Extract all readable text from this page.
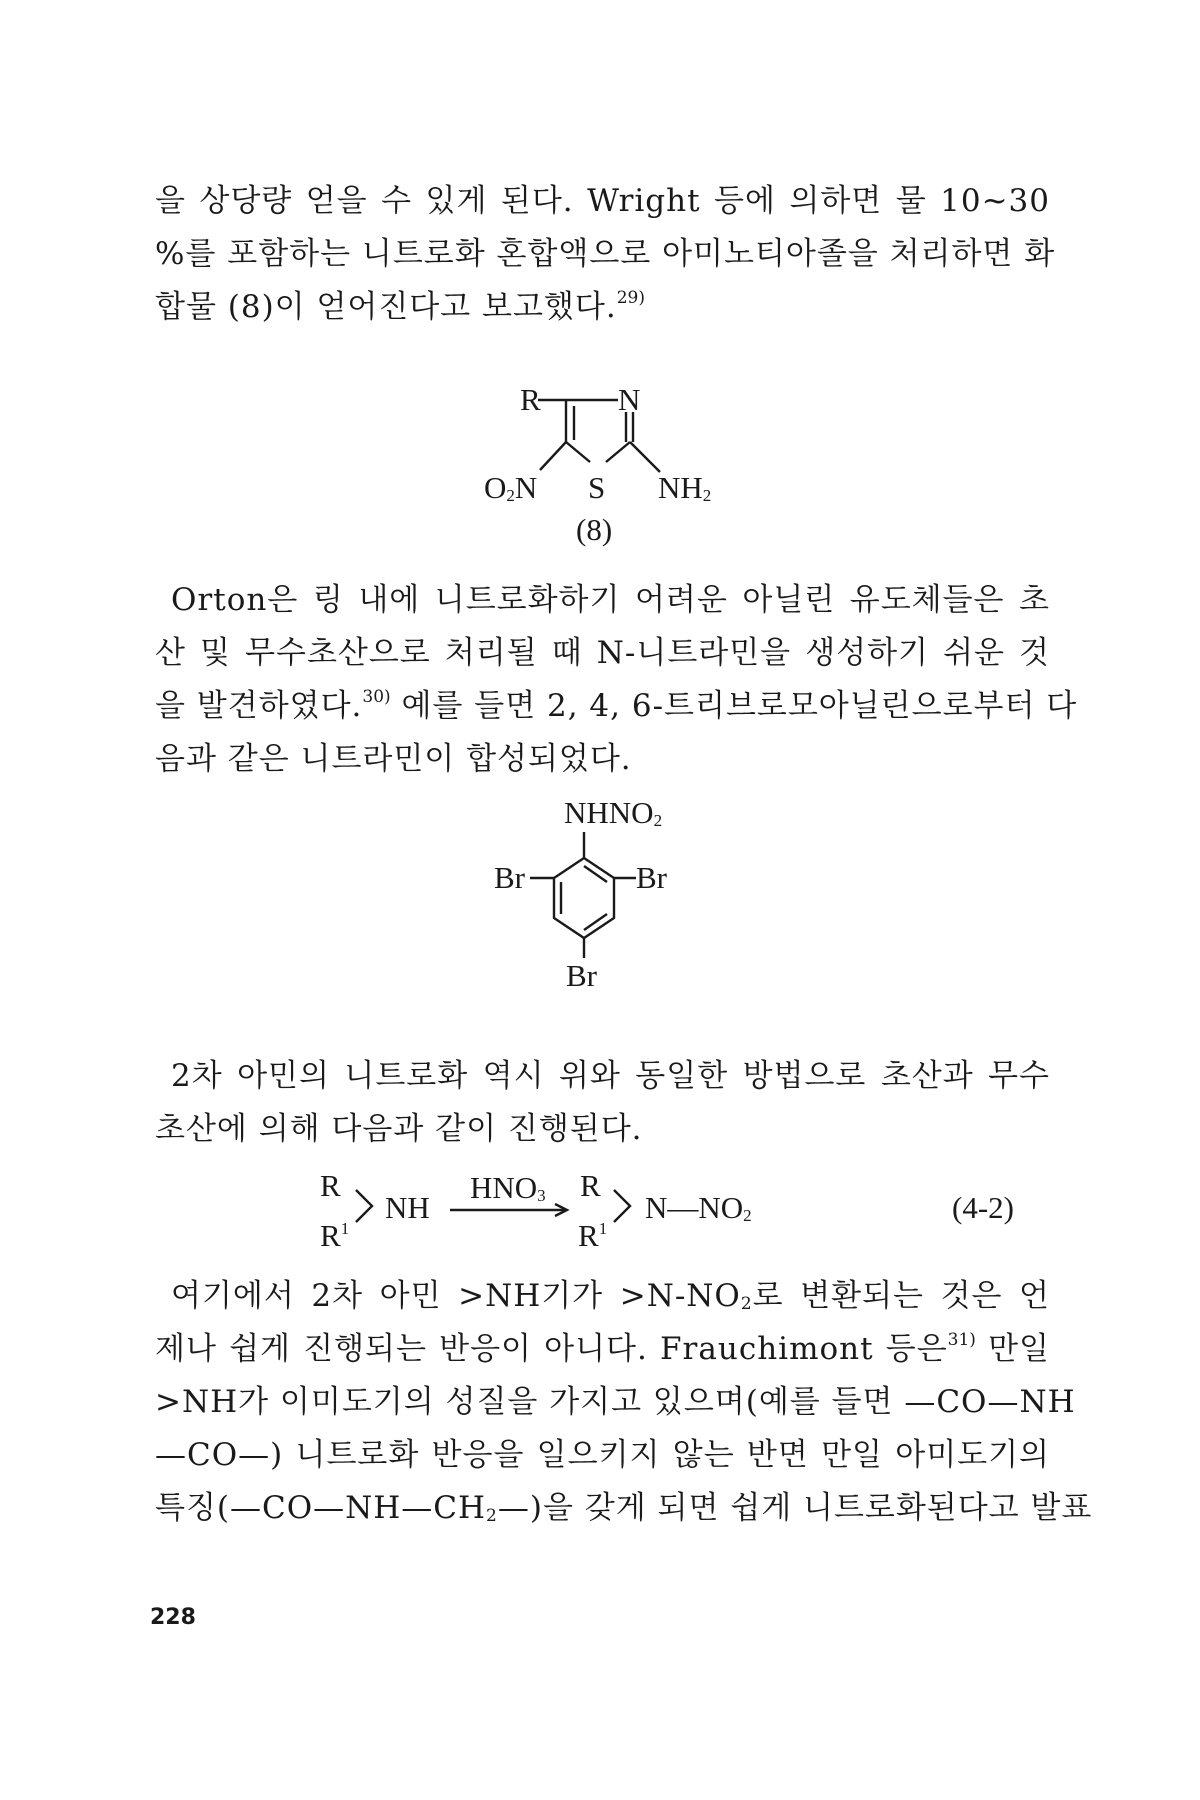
을 상당량 얻을 수 있게 된다. Wright 등에 의하면 물 10~30
%를 포함하는 니트로화 혼합액으로 아미노티아졸을 처리하면 화
합물 (8)이 얻어진다고 보고했다.$^{29)}$
R N
$O_2N$ S $NH_2$
(8)
Orton은 링 내에 니트로화하기 어려운 아닐린 유도체들은 초
산 및 무수초산으로 처리될 때 N-니트라민을 생성하기 쉬운 것
을 발견하였다.$^{30)}$ 예를 들면 2, 4, 6-트리브로모아닐린으로부터 다
음과 같은 니트라민이 합성되었다.
$NHNO_2$
Br	Br
Br
2차 아민의 니트로화 역시 위와 동일한 방법으로 초산과 무수
초산에 의해 다음과 같이 진행된다.
R
$R^1$
NH
$HNO_3$ R
$R^1$
$N—NO_2$	(4-2)
여기에서 2차 아민 >NH기가 $>N-NO_2$로 변환되는 것은 언
제나 쉽게 진행되는 반응이 아니다. Frauchimont 등은$^{31)}$ 만일
>NH가 이미도기의 성질을 가지고 있으며(예를 들면 —CO—NH
—CO—) 니트로화 반응을 일으키지 않는 반면 만일 아미도기의
특징$(—CO—NH—CH_2—)$을 갖게 되면 쉽게 니트로화된다고 발표
228
